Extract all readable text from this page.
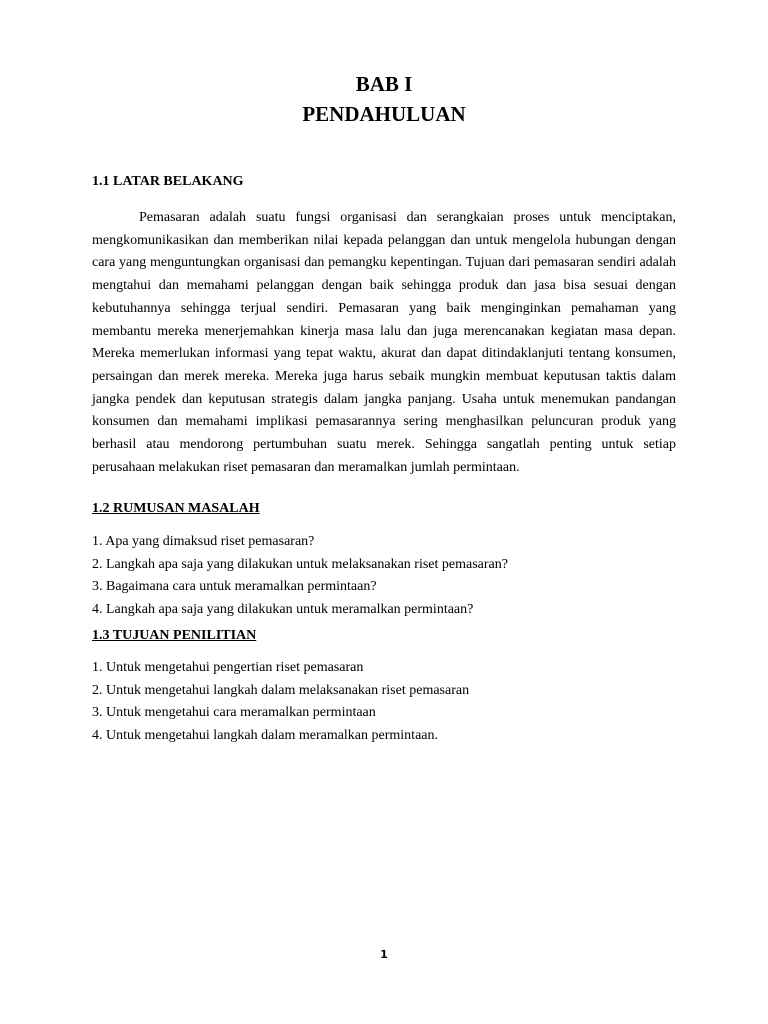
BAB I
PENDAHULUAN
1.1 LATAR BELAKANG

Pemasaran adalah suatu fungsi organisasi dan serangkaian proses untuk menciptakan, mengkomunikasikan dan memberikan nilai kepada pelanggan dan untuk mengelola hubungan dengan cara yang menguntungkan organisasi dan pemangku kepentingan. Tujuan dari pemasaran sendiri adalah mengtahui dan memahami pelanggan dengan baik sehingga produk dan jasa bisa sesuai dengan kebutuhannya sehingga terjual sendiri. Pemasaran yang baik menginginkan pemahaman yang membantu mereka menerjemahkan kinerja masa lalu dan juga merencanakan kegiatan masa depan. Mereka memerlukan informasi yang tepat waktu, akurat dan dapat ditindaklanjuti tentang konsumen, persaingan dan merek mereka. Mereka juga harus sebaik mungkin membuat keputusan taktis dalam jangka pendek dan keputusan strategis dalam jangka panjang. Usaha untuk menemukan pandangan konsumen dan memahami implikasi pemasarannya sering menghasilkan peluncuran produk yang berhasil atau mendorong pertumbuhan suatu merek. Sehingga sangatlah penting untuk setiap perusahaan melakukan riset pemasaran dan meramalkan jumlah permintaan.

1.2 RUMUSAN MASALAH
1. Apa yang dimaksud riset pemasaran?
2. Langkah apa saja yang dilakukan untuk melaksanakan riset pemasaran?
3. Bagaimana cara untuk meramalkan permintaan?
4. Langkah apa saja yang dilakukan untuk meramalkan permintaan?
1.3 TUJUAN PENILITIAN
1. Untuk mengetahui pengertian riset pemasaran
2. Untuk mengetahui langkah dalam melaksanakan riset pemasaran
3. Untuk mengetahui cara meramalkan permintaan
4. Untuk mengetahui langkah dalam meramalkan permintaan.
1
